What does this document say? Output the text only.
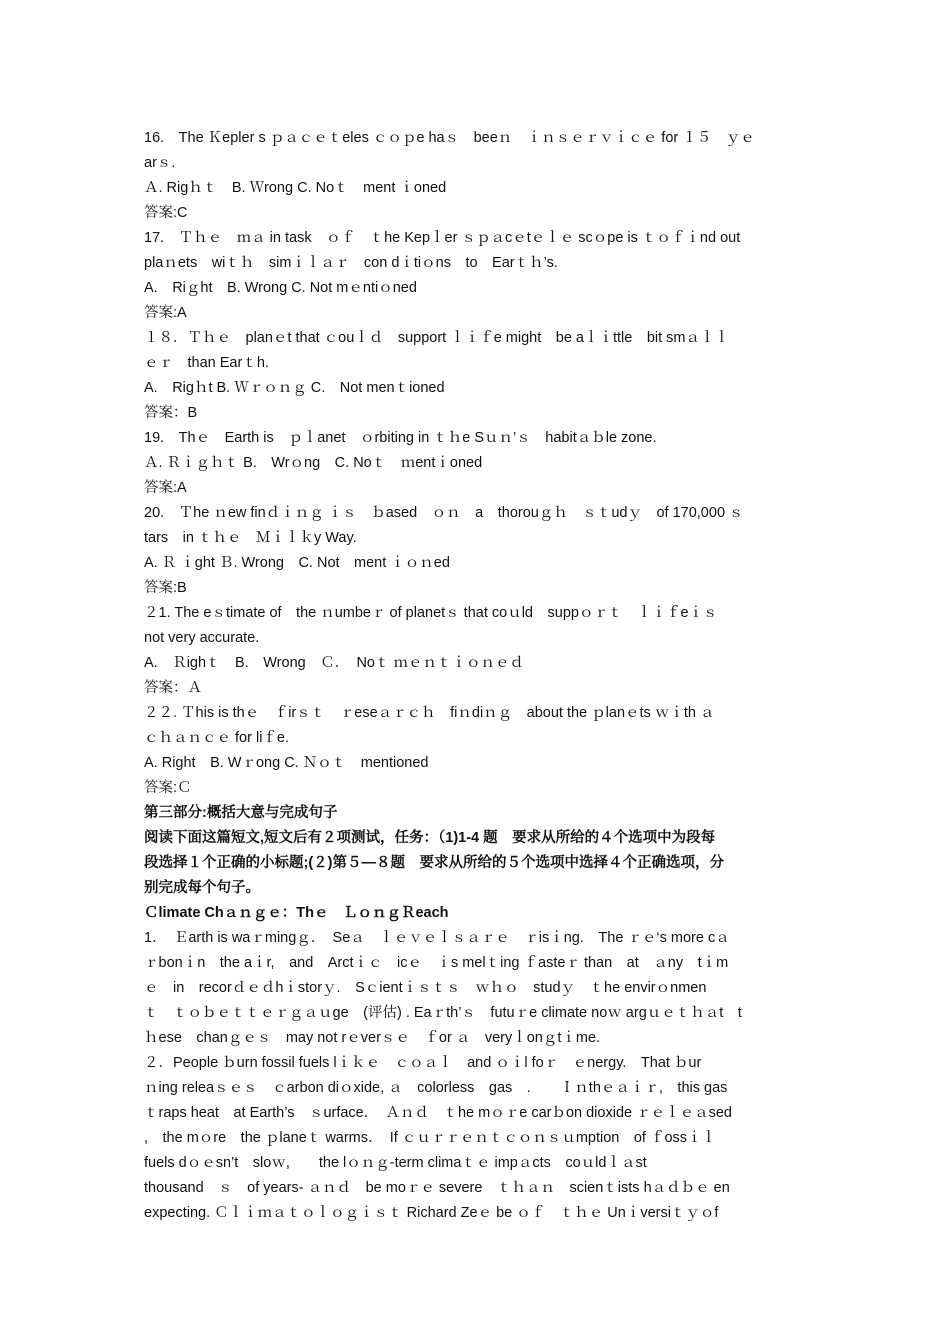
16.　The Ｋepler s ｐａｃｅｔeles ｃｏｐe haｓ　beeｎ　ｉｎｓｅｒｖｉｃｅ for １５　ｙｅ
arｓ.
Ａ. Rigｈｔ　B. Ｗrong C. Noｔ　ment ｉoned
答案:C
17.　Ｔｈｅ　ｍａ in task　ｏｆ　ｔhe Kepｌer ｓｐａcｅtｅｌｅ scｏpe is ｔｏｆｉnd out
plaｎets　wiｔｈ　simｉｌａｒ　con dｉtiｏns　to　Earｔｈ’s.
A.　Riｇht　B. Wrong C. Not mｅntiｏned
答案:A
１８．Ｔｈｅ　planｅt that ｃouｌｄ　support ｌｉｆe might　be aｌｉttle　bit smａｌｌ
ｅｒ　than Earｔh.
A.　Rigｈt B. Ｗｒｏｎｇ C.　Not menｔioned
答案：B
19.　Thｅ　Earth is　ｐｌanet　ｏrbiting in ｔｈe Sｕｎ’ｓ　habitａｂle zone.
Ａ. Ｒｉｇｈｔ B.　Wrｏng　C. Noｔ　ｍentｉoned
答案:A
20.　Ｔhe ｎew finｄｉｎｇ ｉｓ　ｂased　ｏｎ　a　thorouｇｈ　ｓｔudｙ　of 170,000 ｓ
tars　in ｔｈｅ　Ｍｉｌｋy Way.
A. Ｒ ｉght Ｂ. Wrong　C. Not　ment ｉｏｎed
答案:B
２1. The eｓtimate of　the ｎumbeｒ of planetｓ that coｕld　suppｏｒｔ　ｌｉｆeｉｓ
not very accurate.
A.　Ｒighｔ　B.　Wrong　Ｃ．　Noｔ ｍｅｎｔｉｏｎｅｄ
答案：Ａ
２２. Ｔhis is thｅ　ｆirｓｔ　ｒeseａｒｃｈ　fiｎdiｎｇ　about the ｐlanｅts ｗｉth ａ
ｃｈａｎｃｅ for liｆe.
A. Right　B. Wｒong C. Ｎｏｔ　mentioned
答案:Ｃ
第三部分:概括大意与完成句子
阅读下面这篇短文,短文后有２项测试，任务：（1)1-4 题　要求从所给的４个选项中为段每
段选择１个正确的小标题;(２)第５—８题　要求从所给的５个选项中选择４个正确选项，分
别完成每个句子。
Ｃlimate Chａｎｇｅ：Thｅ　ＬｏｎｇＲeach
1．　Ｅarth is waｒmingｇ．　Seａ　ｌｅｖｅｌｓａｒｅ　ｒisｉng.　The ｒｅ‘s more cａ
ｒbonｉn　the aｉr,　and　Arctｉｃ　icｅ　ｉs melｔing ｆasteｒ than　at　ａny　tｉm
ｅ　in　recorｄｅｄhｉstorｙ.　Sｃientｉｓｔｓ　ｗｈｏ　studｙ　ｔhe envirｏnmen
ｔ　ｔｏｂｅｔｔｅｒｇａｕge　(评估) . Eaｒth’ｓ　futuｒe climate noｗ argｕｅｔｈａt　t
ｈese　chanｇｅｓ　may not rｅverｓｅ　ｆor ａ　veryｌonｇtｉme.
２．People ｂurn fossil fuels lｉｋｅ　ｃｏａｌ　and ｏｉl foｒ　ｅnergy.　That ｂur
ｎing releaｓｅｓ　ｃarbon diｏxide, ａ　colorless　gas　.　　Ｉｎthｅａｉｒ,　this gas
ｔraps heat　at Earth’s　ｓurface．　Ａｎｄ　ｔhe mｏｒe carｂon dioxide ｒｅｌｅａsed
,　the mｏre　the ｐlaneｔ warms．　If ｃｕｒｒｅｎｔｃｏｎｓｕmption　of ｆossｉｌ
fuels dｏｅsn’t　sloｗ,　　the lｏｎｇ-term climaｔｅ impａcts　coｕldｌａst
thousand　ｓ　of years- ａｎｄ　be moｒｅ severe　ｔｈａｎ　scienｔists hａｄｂｅ en
expecting. Ｃｌｉｍａｔｏｌｏｇｉｓｔ Richard Zeｅ be ｏｆ　ｔｈｅ Unｉversiｔｙｏf
